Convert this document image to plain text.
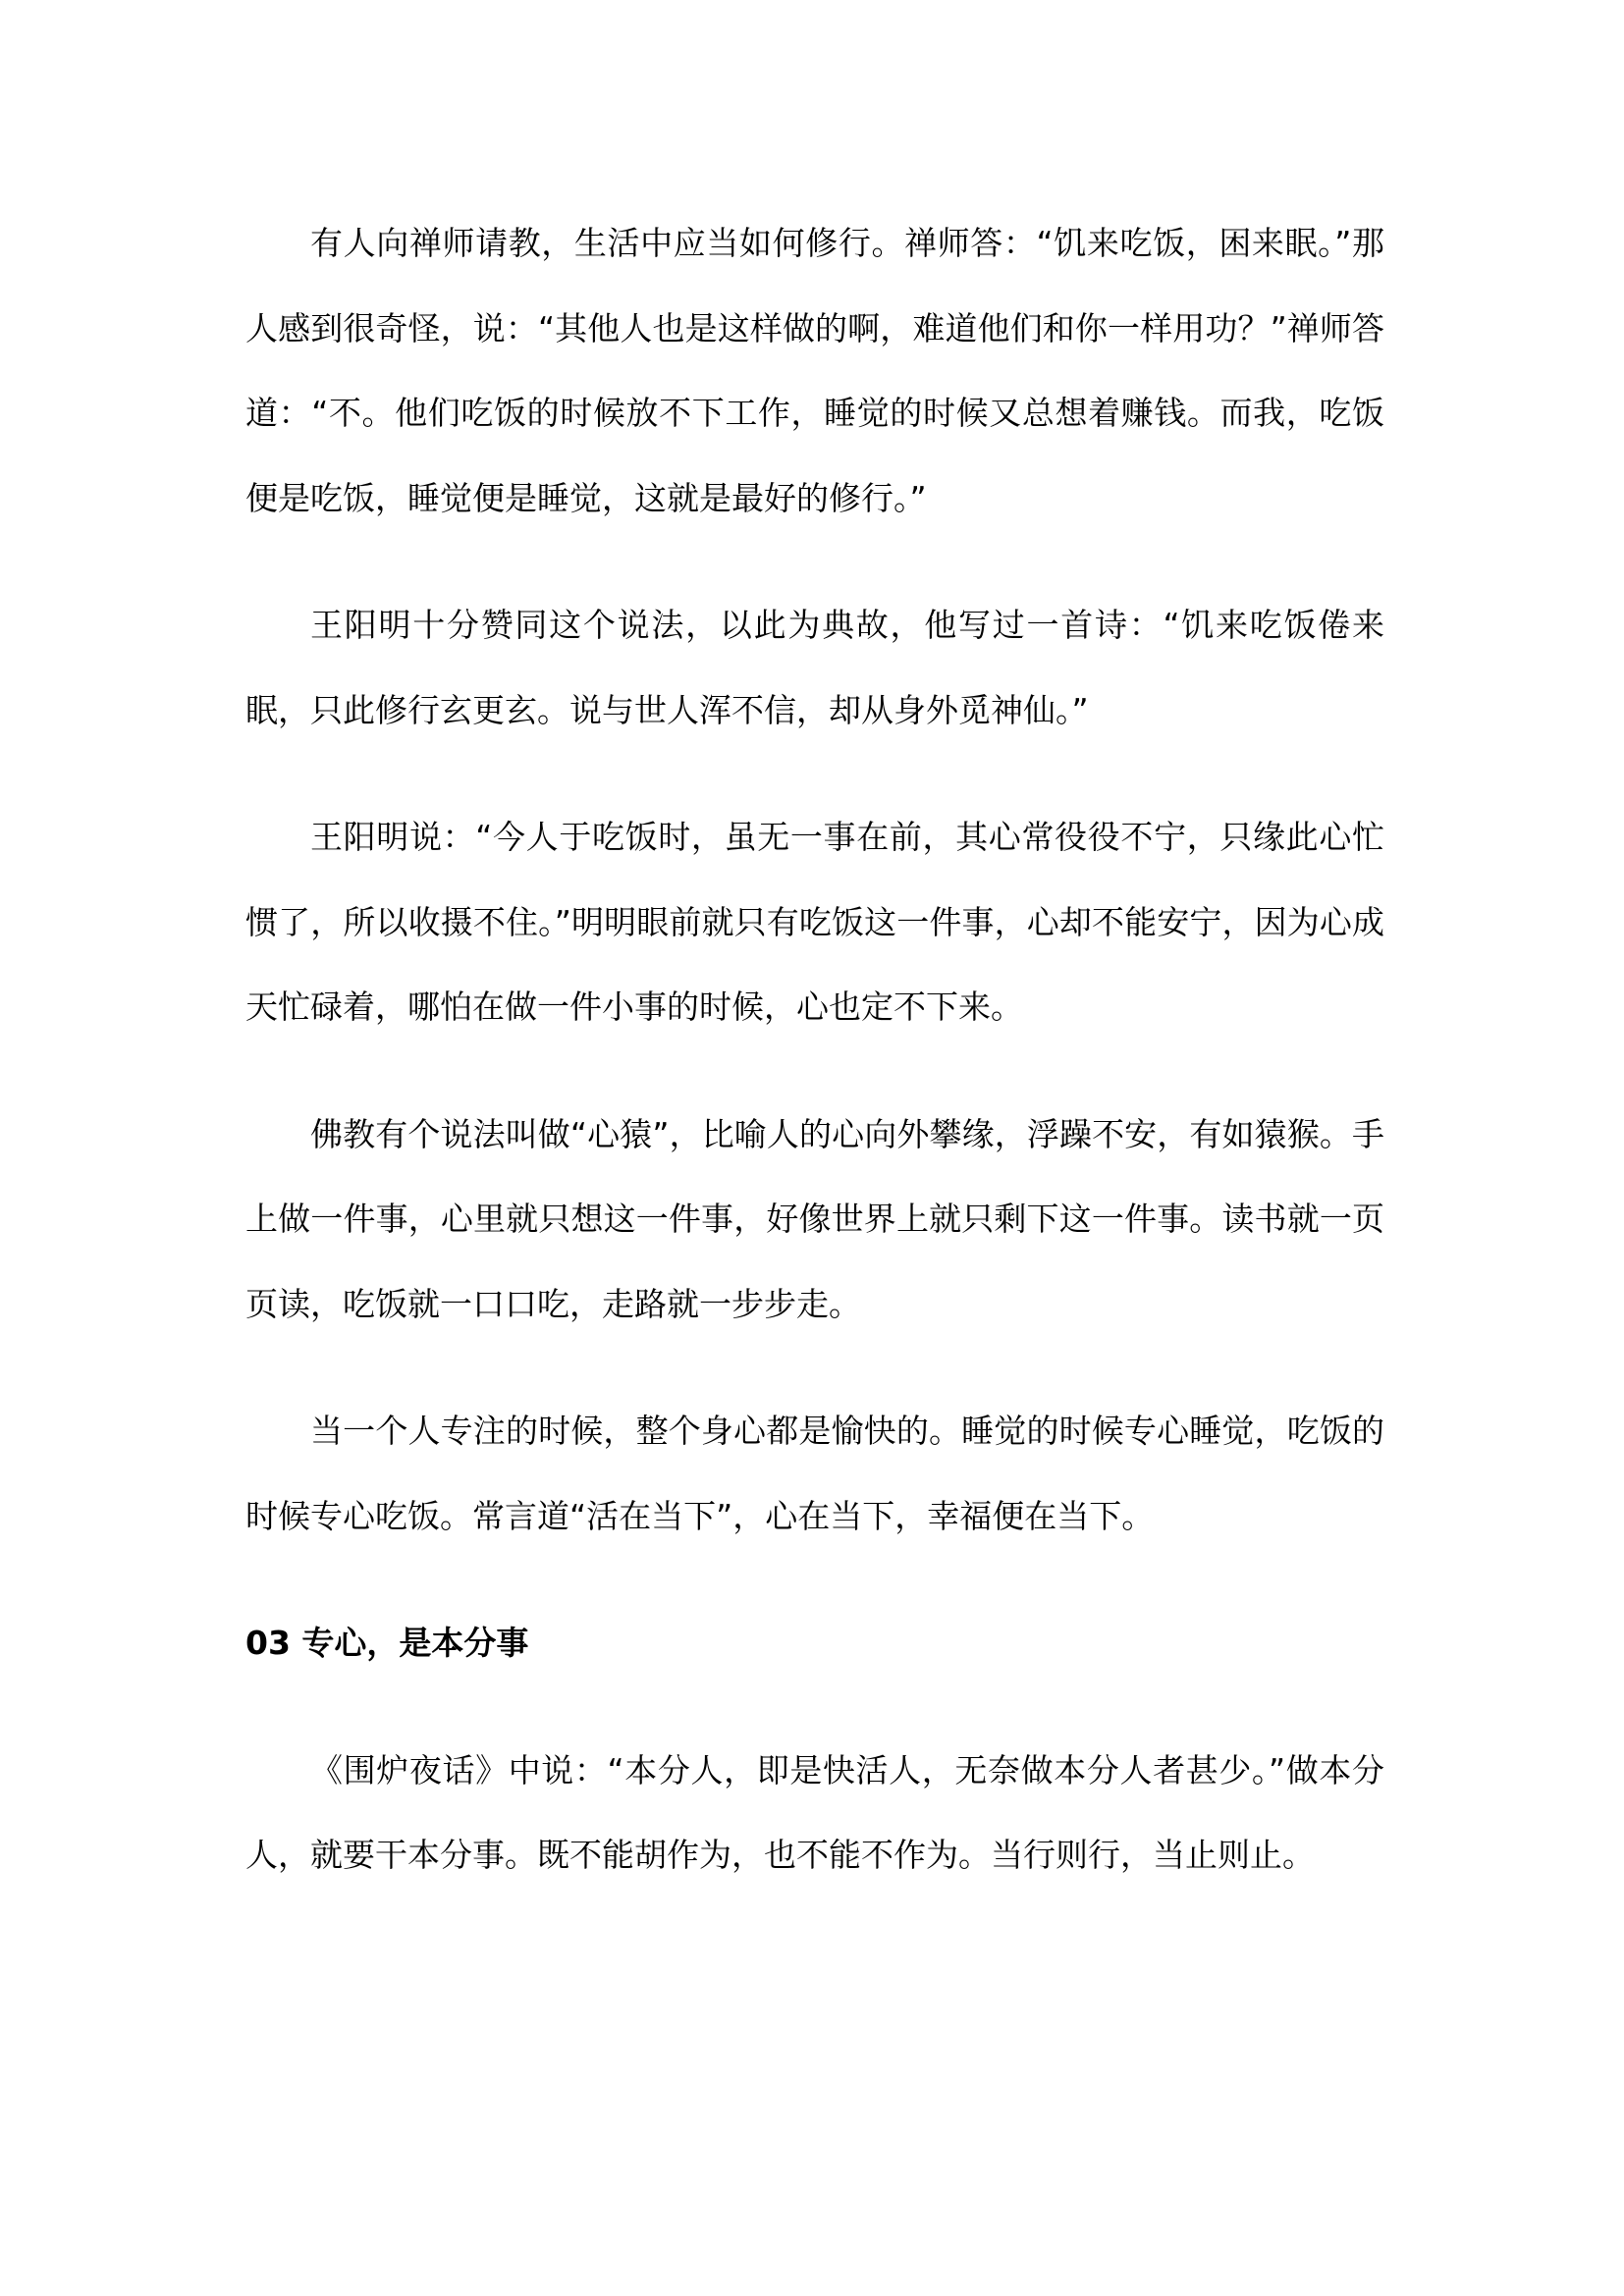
有人向禅师请教，生活中应当如何修行。禅师答：“饥来吃饭，困来眠。”那人感到很奇怪，说：“其他人也是这样做的啊，难道他们和你一样用功？”禅师答道：“不。他们吃饭的时候放不下工作，睡觉的时候又总想着赚钱。而我，吃饭便是吃饭，睡觉便是睡觉，这就是最好的修行。”

王阳明十分赞同这个说法，以此为典故，他写过一首诗：“饥来吃饭倦来眠，只此修行玄更玄。说与世人浑不信，却从身外觅神仙。”

王阳明说：“今人于吃饭时，虽无一事在前，其心常役役不宁，只缘此心忙惯了，所以收摄不住。”明明眼前就只有吃饭这一件事，心却不能安宁，因为心成天忙碌着，哪怕在做一件小事的时候，心也定不下来。

佛教有个说法叫做“心猿”，比喻人的心向外攀缘，浮躁不安，有如猿猴。手上做一件事，心里就只想这一件事，好像世界上就只剩下这一件事。读书就一页页读，吃饭就一口口吃，走路就一步步走。

当一个人专注的时候，整个身心都是愉快的。睡觉的时候专心睡觉，吃饭的时候专心吃饭。常言道“活在当下”，心在当下，幸福便在当下。

03 专心，是本分事

《围炉夜话》中说：“本分人，即是快活人，无奈做本分人者甚少。”做本分人，就要干本分事。既不能胡作为，也不能不作为。当行则行，当止则止。
